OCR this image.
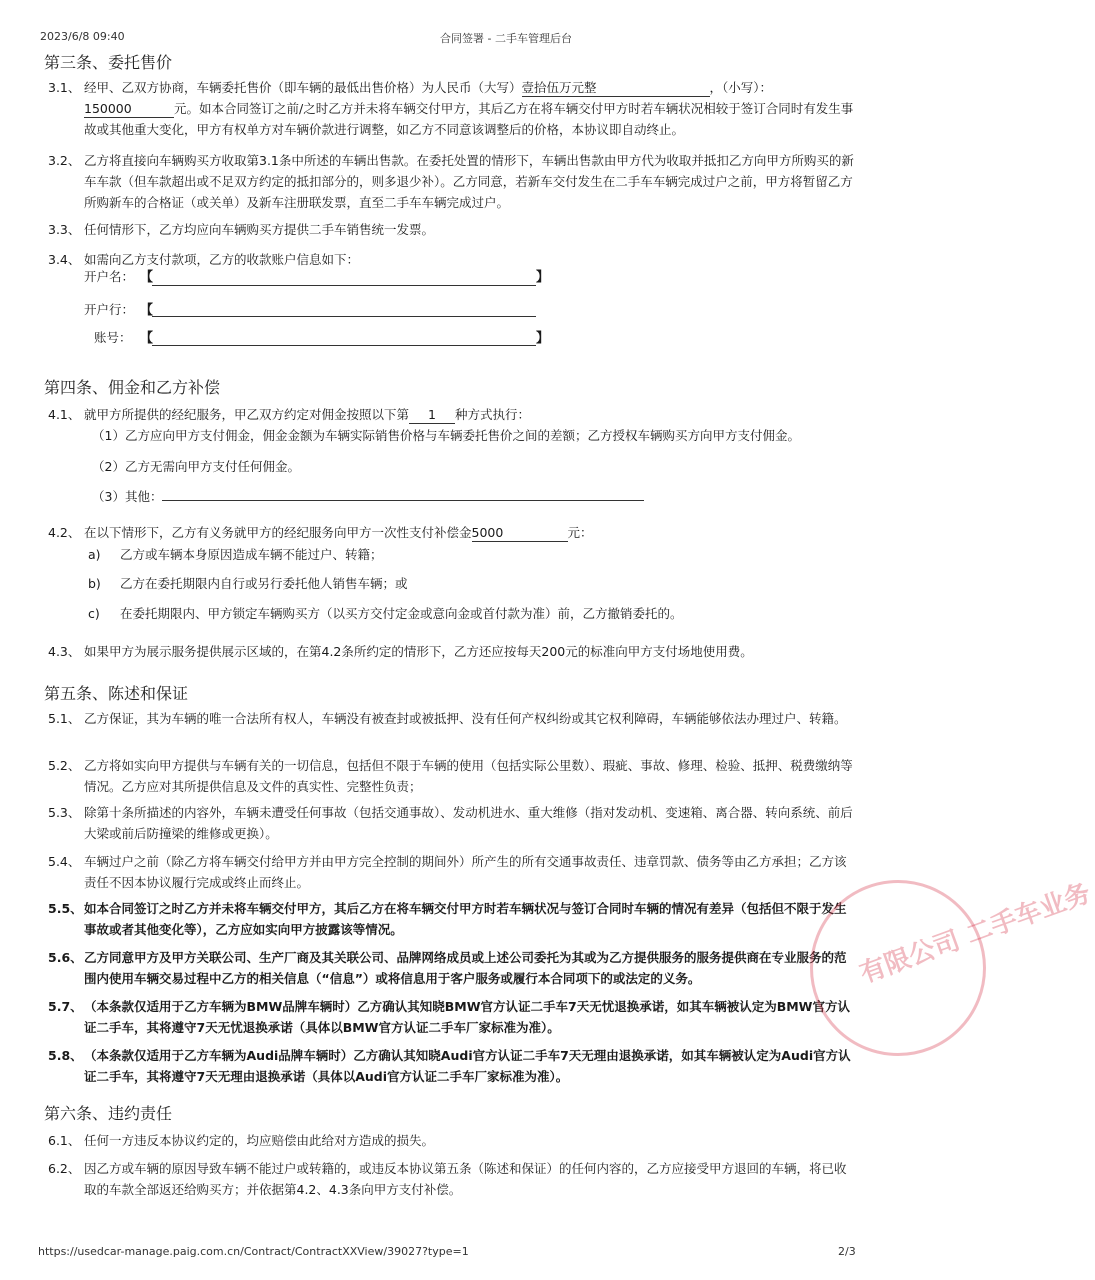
2023/6/8 09:40	合同签署 - 二手车管理后台
第三条、委托售价
3.1、 经甲、乙双方协商，车辆委托售价（即车辆的最低出售价格）为人民币（大写）壹拾伍万元整	，（小写）： 150000	元。如本合同签订之前/之时乙方并未将车辆交付甲方，其后乙方在将车辆交付甲方时若车辆状况相较于签订合同时有发生事故或其他重大变化，甲方有权单方对车辆价款进行调整，如乙方不同意该调整后的价格，本协议即自动终止。
3.2、 乙方将直接向车辆购买方收取第3.1条中所述的车辆出售款。在委托处置的情形下，车辆出售款由甲方代为收取并抵扣乙方向甲方所购买的新车车款（但车款超出或不足双方约定的抵扣部分的，则多退少补）。乙方同意，若新车交付发生在二手车车辆完成过户之前，甲方将暂留乙方所购新车的合格证（或关单）及新车注册联发票，直至二手车车辆完成过户。
3.3、 任何情形下，乙方均应向车辆购买方提供二手车销售统一发票。
3.4、 如需向乙方支付款项，乙方的收款账户信息如下：
开户名： 【	】
开户行： 【
账号： 【	】
第四条、佣金和乙方补偿
4.1、 就甲方所提供的经纪服务，甲乙双方约定对佣金按照以下第 1 种方式执行：
（1）乙方应向甲方支付佣金，佣金金额为车辆实际销售价格与车辆委托售价之间的差额；乙方授权车辆购买方向甲方支付佣金。
（2）乙方无需向甲方支付任何佣金。
（3）其他：
4.2、 在以下情形下，乙方有义务就甲方的经纪服务向甲方一次性支付补偿金5000	元：
a) 乙方或车辆本身原因造成车辆不能过户、转籍；
b) 乙方在委托期限内自行或另行委托他人销售车辆；或
c) 在委托期限内、甲方锁定车辆购买方（以买方交付定金或意向金或首付款为准）前，乙方撤销委托的。
4.3、 如果甲方为展示服务提供展示区域的，在第4.2条所约定的情形下，乙方还应按每天200元的标准向甲方支付场地使用费。
第五条、陈述和保证
5.1、 乙方保证，其为车辆的唯一合法所有权人，车辆没有被查封或被抵押、没有任何产权纠纷或其它权利障碍，车辆能够依法办理过户、转籍。
5.2、 乙方将如实向甲方提供与车辆有关的一切信息，包括但不限于车辆的使用（包括实际公里数）、瑕疵、事故、修理、检验、抵押、税费缴纳等情况。乙方应对其所提供信息及文件的真实性、完整性负责；
5.3、 除第十条所描述的内容外，车辆未遭受任何事故（包括交通事故）、发动机进水、重大维修（指对发动机、变速箱、离合器、转向系统、前后大梁或前后防撞梁的维修或更换）。
5.4、 车辆过户之前（除乙方将车辆交付给甲方并由甲方完全控制的期间外）所产生的所有交通事故责任、违章罚款、债务等由乙方承担；乙方该责任不因本协议履行完成或终止而终止。
5.5、 如本合同签订之时乙方并未将车辆交付甲方，其后乙方在将车辆交付甲方时若车辆状况与签订合同时车辆的情况有差异（包括但不限于发生事故或者其他变化等），乙方应如实向甲方披露该等情况。
5.6、 乙方同意甲方及甲方关联公司、生产厂商及其关联公司、品牌网络成员或上述公司委托为其或为乙方提供服务的服务提供商在专业服务的范围内使用车辆交易过程中乙方的相关信息（“信息”）或将信息用于客户服务或履行本合同项下的或法定的义务。
5.7、 （本条款仅适用于乙方车辆为BMW品牌车辆时）乙方确认其知晓BMW官方认证二手车7天无忧退换承诺，如其车辆被认定为BMW官方认证二手车，其将遵守7天无忧退换承诺（具体以BMW官方认证二手车厂家标准为准）。
5.8、 （本条款仅适用于乙方车辆为Audi品牌车辆时）乙方确认其知晓Audi官方认证二手车7天无理由退换承诺，如其车辆被认定为Audi官方认证二手车，其将遵守7天无理由退换承诺（具体以Audi官方认证二手车厂家标准为准）。
第六条、违约责任
6.1、 任何一方违反本协议约定的，均应赔偿由此给对方造成的损失。
6.2、 因乙方或车辆的原因导致车辆不能过户或转籍的，或违反本协议第五条（陈述和保证）的任何内容的，乙方应接受甲方退回的车辆，将已收取的车款全部返还给购买方；并依据第4.2、4.3条向甲方支付补偿。
有限公司 二手车业务
https://usedcar-manage.paig.com.cn/Contract/ContractXXView/39027?type=1	2/3
